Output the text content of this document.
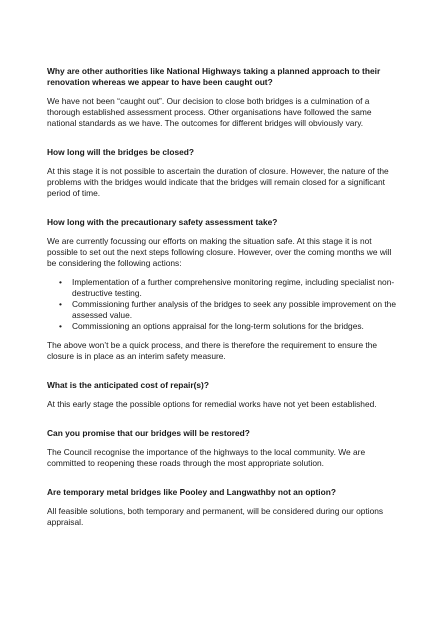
Why are other authorities like National Highways taking a planned approach to their renovation whereas we appear to have been caught out?

We have not been “caught out”. Our decision to close both bridges is a culmination of a thorough established assessment process. Other organisations have followed the same national standards as we have. The outcomes for different bridges will obviously vary.

How long will the bridges be closed?

At this stage it is not possible to ascertain the duration of closure. However, the nature of the problems with the bridges would indicate that the bridges will remain closed for a significant period of time.

How long with the precautionary safety assessment take?

We are currently focussing our efforts on making the situation safe. At this stage it is not possible to set out the next steps following closure. However, over the coming months we will be considering the following actions:

• Implementation of a further comprehensive monitoring regime, including specialist non-destructive testing.
• Commissioning further analysis of the bridges to seek any possible improvement on the assessed value.
• Commissioning an options appraisal for the long-term solutions for the bridges.

The above won’t be a quick process, and there is therefore the requirement to ensure the closure is in place as an interim safety measure.

What is the anticipated cost of repair(s)?

At this early stage the possible options for remedial works have not yet been established.

Can you promise that our bridges will be restored?

The Council recognise the importance of the highways to the local community. We are committed to reopening these roads through the most appropriate solution.

Are temporary metal bridges like Pooley and Langwathby not an option?

All feasible solutions, both temporary and permanent, will be considered during our options appraisal.
